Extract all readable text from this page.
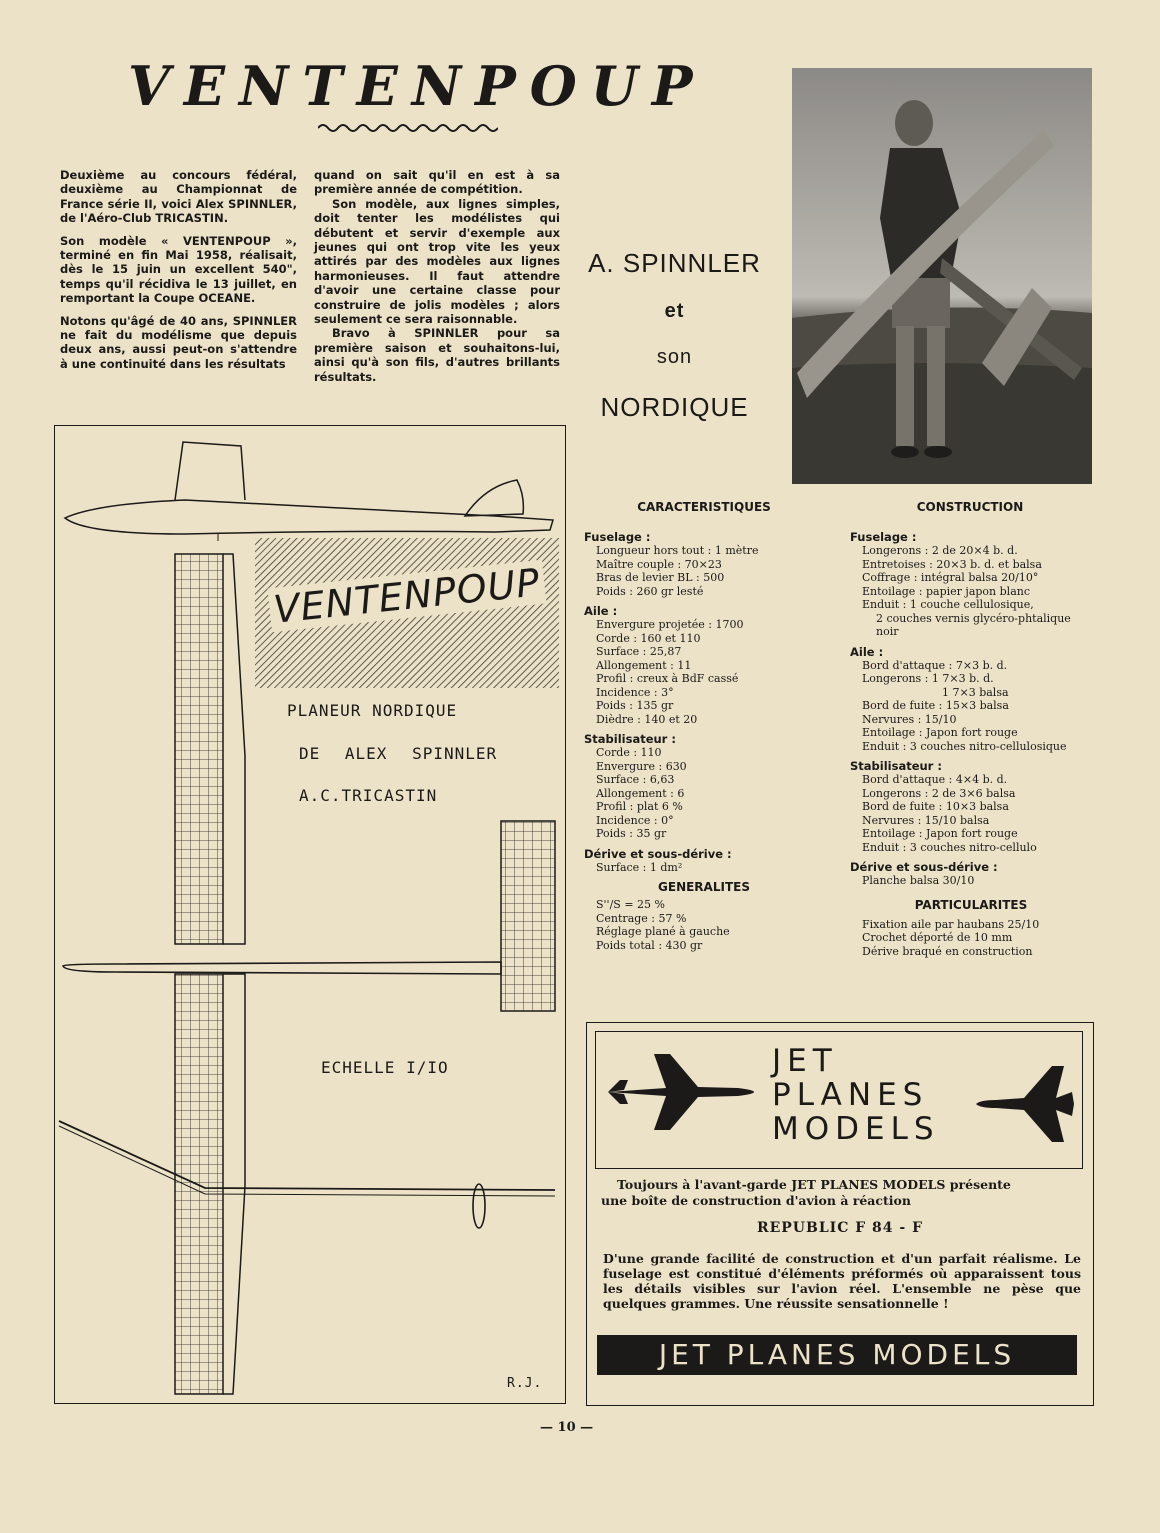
VENTENPOUP

Deuxième au concours fédéral, deuxième au Championnat de France série II, voici Alex SPINNLER, de l'Aéro-Club TRICASTIN.

Son modèle « VENTENPOUP », terminé en fin Mai 1958, réalisait, dès le 15 juin un excellent 540", temps qu'il récidiva le 13 juillet, en remportant la Coupe OCEANE.

Notons qu'âgé de 40 ans, SPINNLER ne fait du modélisme que depuis deux ans, aussi peut-on s'attendre à une continuité dans les résultats

quand on sait qu'il en est à sa première année de compétition.

Son modèle, aux lignes simples, doit tenter les modélistes qui débutent et servir d'exemple aux jeunes qui ont trop vite les yeux attirés par des modèles aux lignes harmonieuses. Il faut attendre d'avoir une certaine classe pour construire de jolis modèles ; alors seulement ce sera raisonnable.

Bravo à SPINNLER pour sa première saison et souhaitons-lui, ainsi qu'à son fils, d'autres brillants résultats.

A. SPINNLER
et
son
NORDIQUE
VENTENPOUP
PLANEUR NORDIQUE
DE ALEX SPINNLER
A.C.TRICASTIN
ECHELLE I/IO
R.J.
CARACTERISTIQUES
Fuselage :
Longueur hors tout : 1 mètre
Maître couple : 70×23
Bras de levier BL : 500
Poids : 260 gr lesté
Aile :
Envergure projetée : 1700
Corde : 160 et 110
Surface : 25,87
Allongement : 11
Profil : creux à BdF cassé
Incidence : 3°
Poids : 135 gr
Dièdre : 140 et 20
Stabilisateur :
Corde : 110
Envergure : 630
Surface : 6,63
Allongement : 6
Profil : plat 6 %
Incidence : 0°
Poids : 35 gr
Dérive et sous-dérive :
Surface : 1 dm²
GENERALITES
S''/S = 25 %
Centrage : 57 %
Réglage plané à gauche
Poids total : 430 gr
CONSTRUCTION
Fuselage :
Longerons : 2 de 20×4 b. d.
Entretoises : 20×3 b. d. et balsa
Coffrage : intégral balsa 20/10°
Entoilage : papier japon blanc
Enduit : 1 couche cellulosique,
2 couches vernis glycéro-phtalique noir
Aile :
Bord d'attaque : 7×3 b. d.
Longerons : 1 7×3 b. d.
1 7×3 balsa
Bord de fuite : 15×3 balsa
Nervures : 15/10
Entoilage : Japon fort rouge
Enduit : 3 couches nitro-cellulosique
Stabilisateur :
Bord d'attaque : 4×4 b. d.
Longerons : 2 de 3×6 balsa
Bord de fuite : 10×3 balsa
Nervures : 15/10 balsa
Entoilage : Japon fort rouge
Enduit : 3 couches nitro-cellulo
Dérive et sous-dérive :
Planche balsa 30/10
PARTICULARITES
Fixation aile par haubans 25/10
Crochet déporté de 10 mm
Dérive braqué en construction
JET
PLANES
MODELS
Toujours à l'avant-garde JET PLANES MODELS présente
une boîte de construction d'avion à réaction
REPUBLIC F 84 - F
D'une grande facilité de construction et d'un parfait réalisme. Le fuselage est constitué d'éléments préformés où apparaissent tous les détails visibles sur l'avion réel. L'ensemble ne pèse que quelques grammes. Une réussite sensationnelle !
JET PLANES MODELS
— 10 —
